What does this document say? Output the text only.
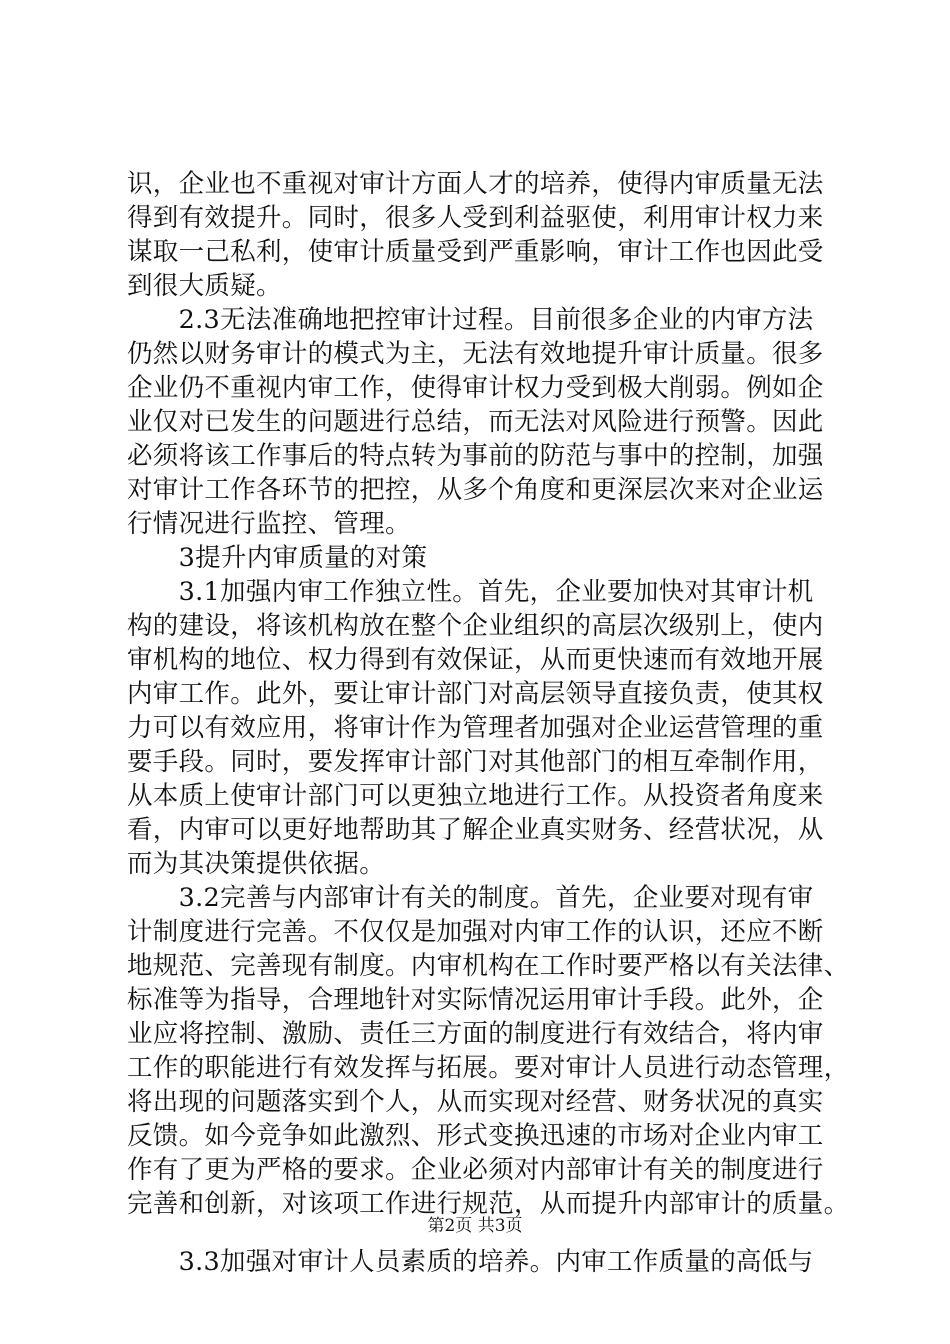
识，企业也不重视对审计方面人才的培养，使得内审质量无法
得到有效提升。同时，很多人受到利益驱使，利用审计权力来
谋取一己私利，使审计质量受到严重影响，审计工作也因此受
到很大质疑。
　　2.3无法准确地把控审计过程。目前很多企业的内审方法
仍然以财务审计的模式为主，无法有效地提升审计质量。很多
企业仍不重视内审工作，使得审计权力受到极大削弱。例如企
业仅对已发生的问题进行总结，而无法对风险进行预警。因此
必须将该工作事后的特点转为事前的防范与事中的控制，加强
对审计工作各环节的把控，从多个角度和更深层次来对企业运
行情况进行监控、管理。
　　3提升内审质量的对策
　　3.1加强内审工作独立性。首先，企业要加快对其审计机
构的建设，将该机构放在整个企业组织的高层次级别上，使内
审机构的地位、权力得到有效保证，从而更快速而有效地开展
内审工作。此外，要让审计部门对高层领导直接负责，使其权
力可以有效应用，将审计作为管理者加强对企业运营管理的重
要手段。同时，要发挥审计部门对其他部门的相互牵制作用，
从本质上使审计部门可以更独立地进行工作。从投资者角度来
看，内审可以更好地帮助其了解企业真实财务、经营状况，从
而为其决策提供依据。
　　3.2完善与内部审计有关的制度。首先，企业要对现有审
计制度进行完善。不仅仅是加强对内审工作的认识，还应不断
地规范、完善现有制度。内审机构在工作时要严格以有关法律、
标准等为指导，合理地针对实际情况运用审计手段。此外，企
业应将控制、激励、责任三方面的制度进行有效结合，将内审
工作的职能进行有效发挥与拓展。要对审计人员进行动态管理，
将出现的问题落实到个人，从而实现对经营、财务状况的真实
反馈。如今竞争如此激烈、形式变换迅速的市场对企业内审工
作有了更为严格的要求。企业必须对内部审计有关的制度进行
完善和创新，对该项工作进行规范，从而提升内部审计的质量。
　　3.3加强对审计人员素质的培养。内审工作质量的高低与
第2页 共3页
